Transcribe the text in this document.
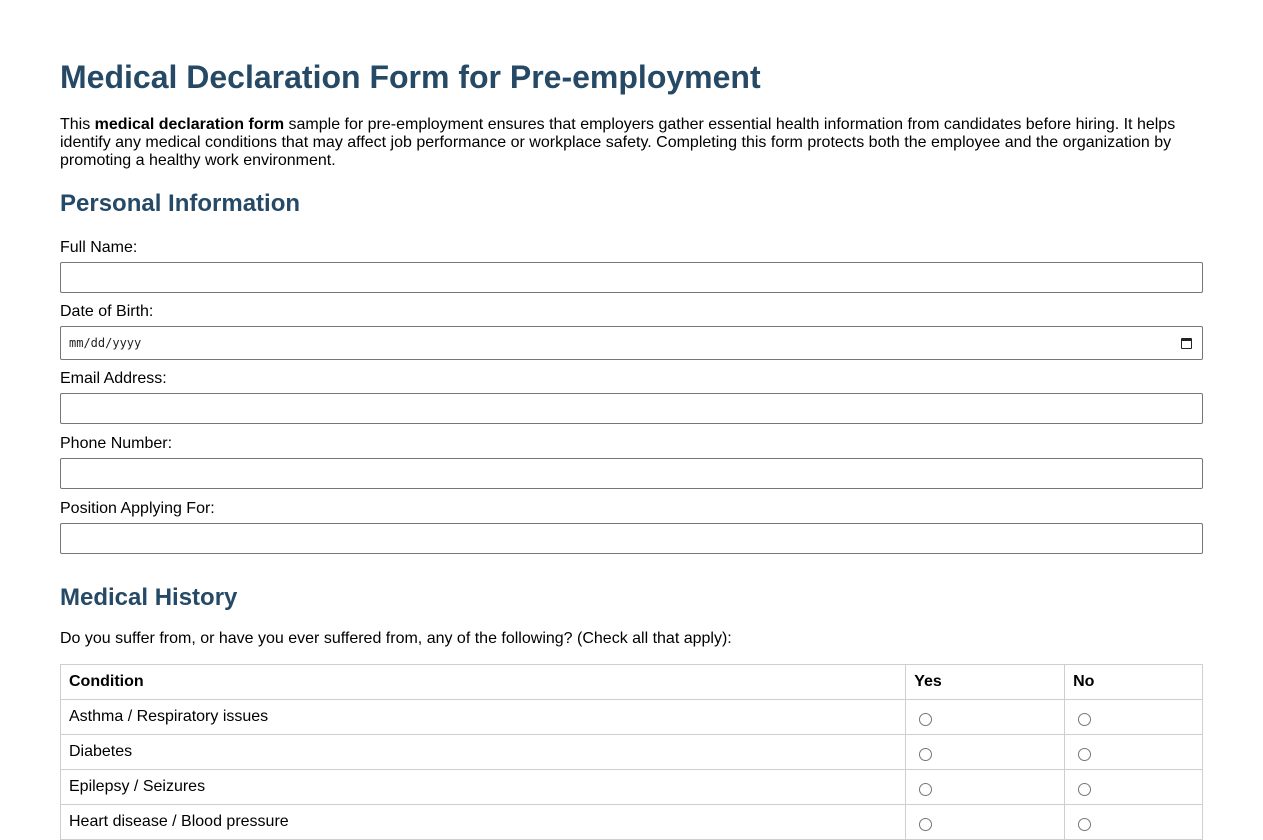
Medical Declaration Form for Pre-employment

This medical declaration form sample for pre-employment ensures that employers gather essential health information from candidates before hiring. It helps identify any medical conditions that may affect job performance or workplace safety. Completing this form protects both the employee and the organization by promoting a healthy work environment.

Personal Information
Full Name:
Date of Birth:
mm/dd/yyyy
Email Address:
Phone Number:
Position Applying For:
Medical History

Do you suffer from, or have you ever suffered from, any of the following? (Check all that apply):

Condition	Yes	No
Asthma / Respiratory issues		
Diabetes		
Epilepsy / Seizures		
Heart disease / Blood pressure		
